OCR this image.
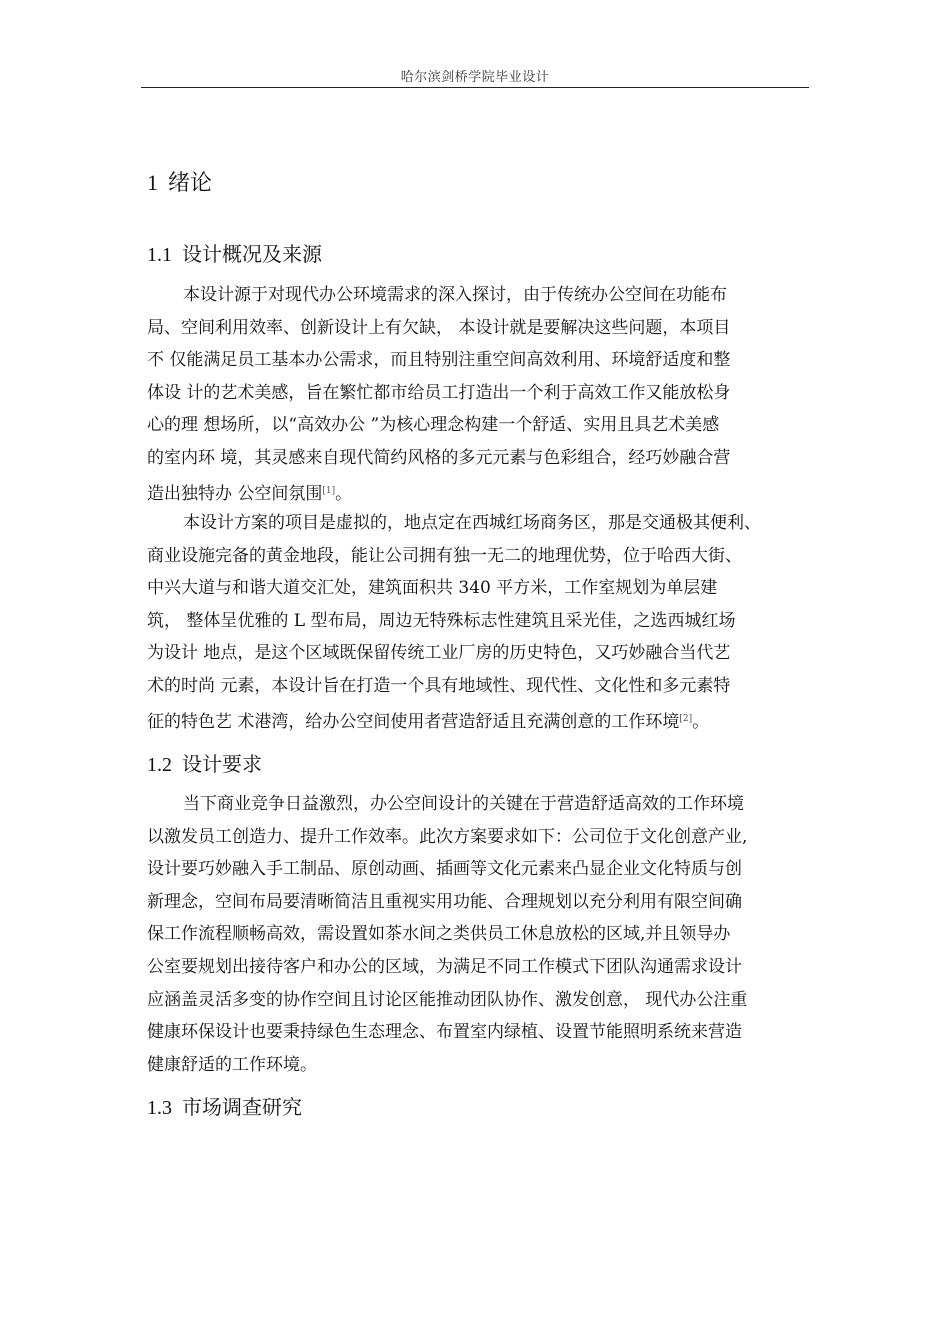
哈尔滨剑桥学院毕业设计
1 绪论
1.1 设计概况及来源

本设计源于对现代办公环境需求的深入探讨，由于传统办公空间在功能布
局、空间利用效率、创新设计上有欠缺， 本设计就是要解决这些问题，本项目
不 仅能满足员工基本办公需求，而且特别注重空间高效利用、环境舒适度和整
体设 计的艺术美感，旨在繁忙都市给员工打造出一个利于高效工作又能放松身
心的理 想场所，以“高效办公 ”为核心理念构建一个舒适、实用且具艺术美感
的室内环 境，其灵感来自现代简约风格的多元元素与色彩组合，经巧妙融合营
造出独特办 公空间氛围[1]。

本设计方案的项目是虚拟的，地点定在西城红场商务区，那是交通极其便利、
商业设施完备的黄金地段，能让公司拥有独一无二的地理优势，位于哈西大街、
中兴大道与和谐大道交汇处，建筑面积共 340 平方米，工作室规划为单层建
筑， 整体呈优雅的 L 型布局，周边无特殊标志性建筑且采光佳，之选西城红场
为设计 地点，是这个区域既保留传统工业厂房的历史特色，又巧妙融合当代艺
术的时尚 元素，本设计旨在打造一个具有地域性、现代性、文化性和多元素特
征的特色艺 术港湾，给办公空间使用者营造舒适且充满创意的工作环境[2]。

1.2 设计要求

当下商业竞争日益激烈，办公空间设计的关键在于营造舒适高效的工作环境
以激发员工创造力、提升工作效率。此次方案要求如下：公司位于文化创意产业,
设计要巧妙融入手工制品、原创动画、插画等文化元素来凸显企业文化特质与创
新理念，空间布局要清晰简洁且重视实用功能、合理规划以充分利用有限空间确
保工作流程顺畅高效，需设置如茶水间之类供员工休息放松的区域,并且领导办
公室要规划出接待客户和办公的区域，为满足不同工作模式下团队沟通需求设计
应涵盖灵活多变的协作空间且讨论区能推动团队协作、激发创意， 现代办公注重
健康环保设计也要秉持绿色生态理念、布置室内绿植、设置节能照明系统来营造
健康舒适的工作环境。

1.3 市场调查研究
